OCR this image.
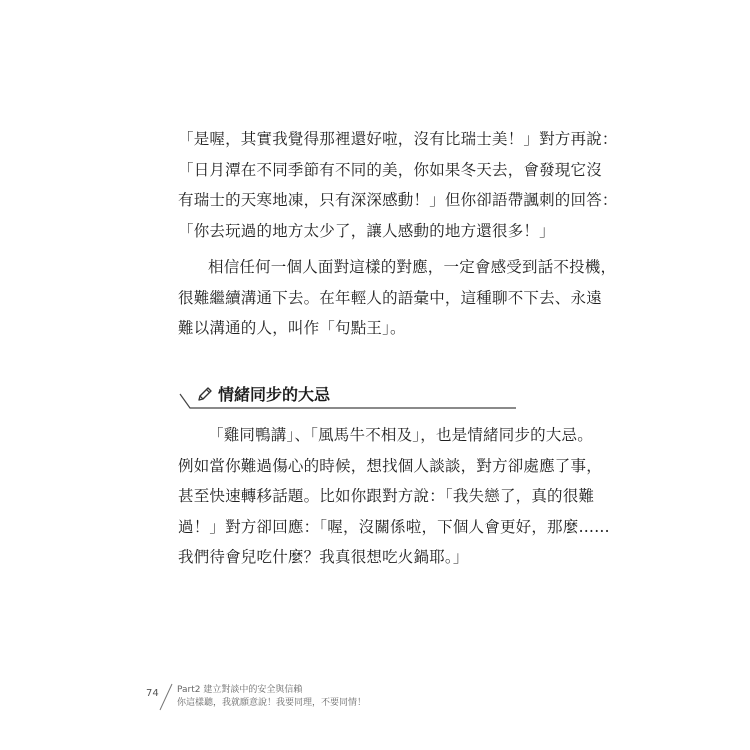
「是喔，其實我覺得那裡還好啦，沒有比瑞士美！」對方再說：
「日月潭在不同季節有不同的美，你如果冬天去，會發現它沒
有瑞士的天寒地凍，只有深深感動！」但你卻語帶諷刺的回答：
「你去玩過的地方太少了，讓人感動的地方還很多！」
相信任何一個人面對這樣的對應，一定會感受到話不投機，
很難繼續溝通下去。在年輕人的語彙中，這種聊不下去、永遠
難以溝通的人，叫作「句點王」。
情緒同步的大忌
「雞同鴨講」、「風馬牛不相及」，也是情緒同步的大忌。
例如當你難過傷心的時候，想找個人談談，對方卻處應了事，
甚至快速轉移話題。比如你跟對方說：「我失戀了，真的很難
過！」對方卻回應：「喔，沒關係啦，下個人會更好，那麼……
我們待會兒吃什麼？我真很想吃火鍋耶。」
74 Part2 建立對談中的安全與信賴
你這樣聽，我就願意說！我要同理，不要同情！
